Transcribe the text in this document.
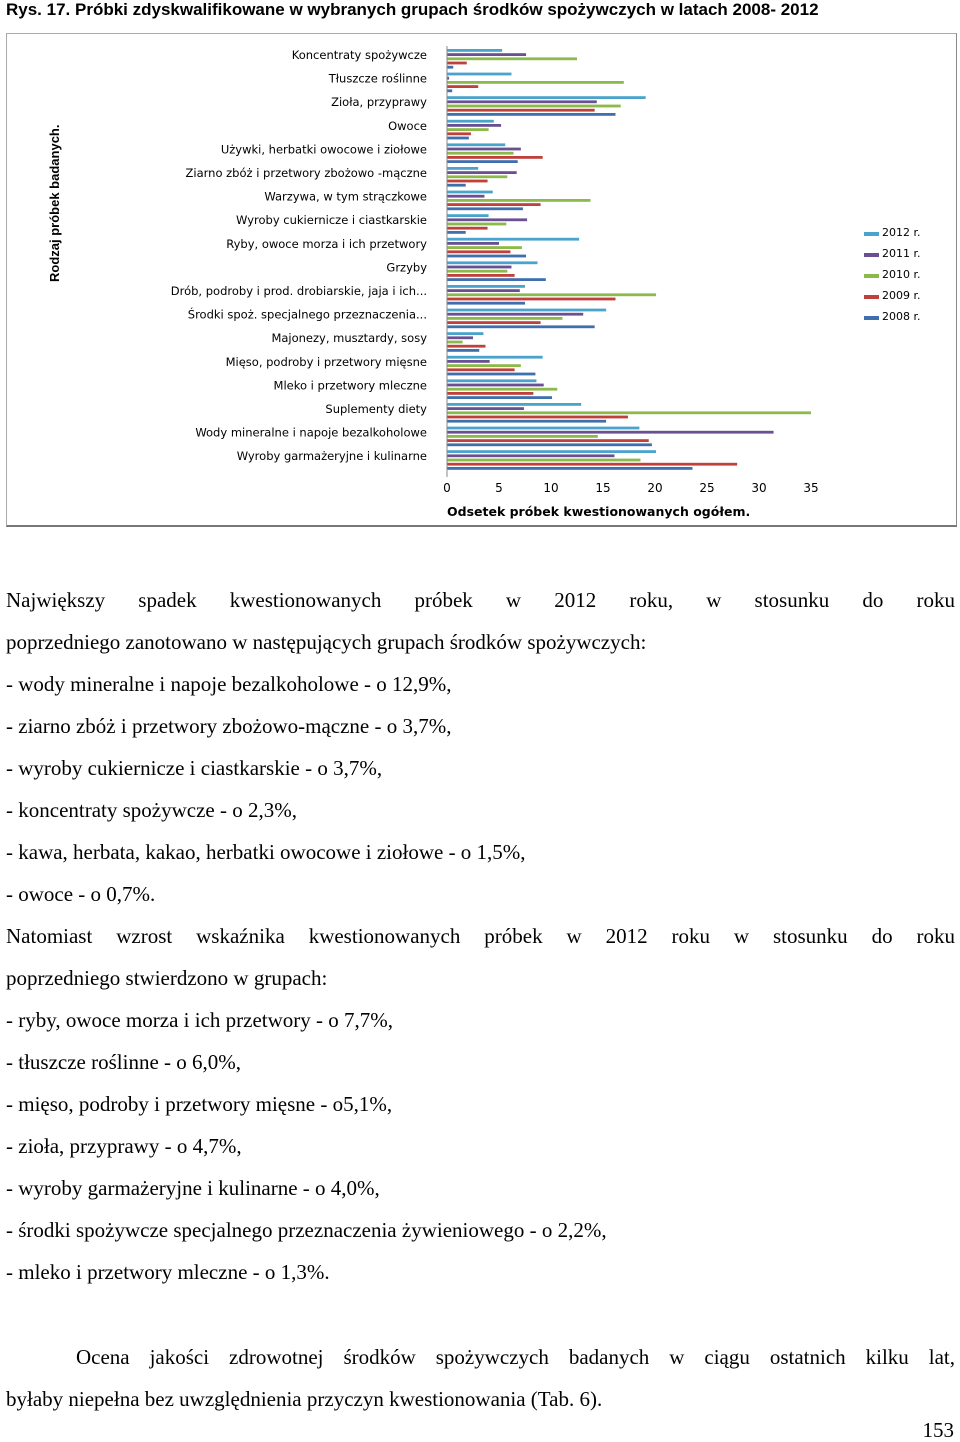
Rys. 17. Próbki zdyskwalifikowane w wybranych grupach środków spożywczych w latach 2008- 2012
Koncentraty spożywcze
Tłuszcze roślinne
Zioła, przyprawy
Owoce
Używki, herbatki owocowe i ziołowe
Ziarno zbóż i przetwory zbożowo -mączne
Warzywa, w tym strączkowe
Wyroby cukiernicze i ciastkarskie
Ryby, owoce morza i ich przetwory
Grzyby
Drób, podroby i prod. drobiarskie, jaja i ich...
Środki spoż. specjalnego przeznaczenia...
Majonezy, musztardy, sosy
Mięso, podroby i przetwory mięsne
Mleko i przetwory mleczne
Suplementy diety
Wody mineralne i napoje bezalkoholowe
Wyroby garmażeryjne i kulinarne
0	5	10	15	20	25	30	35
Rodzaj próbek badanych.
Odsetek próbek kwestionowanych ogółem.
2012 r.
2011 r.
2010 r.
2009 r.
2008 r.
Największy spadek kwestionowanych próbek w 2012 roku, w stosunku do roku
poprzedniego zanotowano w następujących grupach środków spożywczych:
- wody mineralne i napoje bezalkoholowe - o 12,9%,
- ziarno zbóż i przetwory zbożowo-mączne - o 3,7%,
- wyroby cukiernicze i ciastkarskie - o 3,7%,
- koncentraty spożywcze - o 2,3%,
- kawa, herbata, kakao, herbatki owocowe i ziołowe - o 1,5%,
- owoce - o 0,7%.
Natomiast wzrost wskaźnika kwestionowanych próbek w 2012 roku w stosunku do roku
poprzedniego stwierdzono w grupach:
- ryby, owoce morza i ich przetwory - o 7,7%,
- tłuszcze roślinne - o 6,0%,
- mięso, podroby i przetwory mięsne - o5,1%,
- zioła, przyprawy - o 4,7%,
- wyroby garmażeryjne i kulinarne - o 4,0%,
- środki spożywcze specjalnego przeznaczenia żywieniowego - o 2,2%,
- mleko i przetwory mleczne - o 1,3%.
Ocena jakości zdrowotnej środków spożywczych badanych w ciągu ostatnich kilku lat,
byłaby niepełna bez uwzględnienia przyczyn kwestionowania (Tab. 6).
153
